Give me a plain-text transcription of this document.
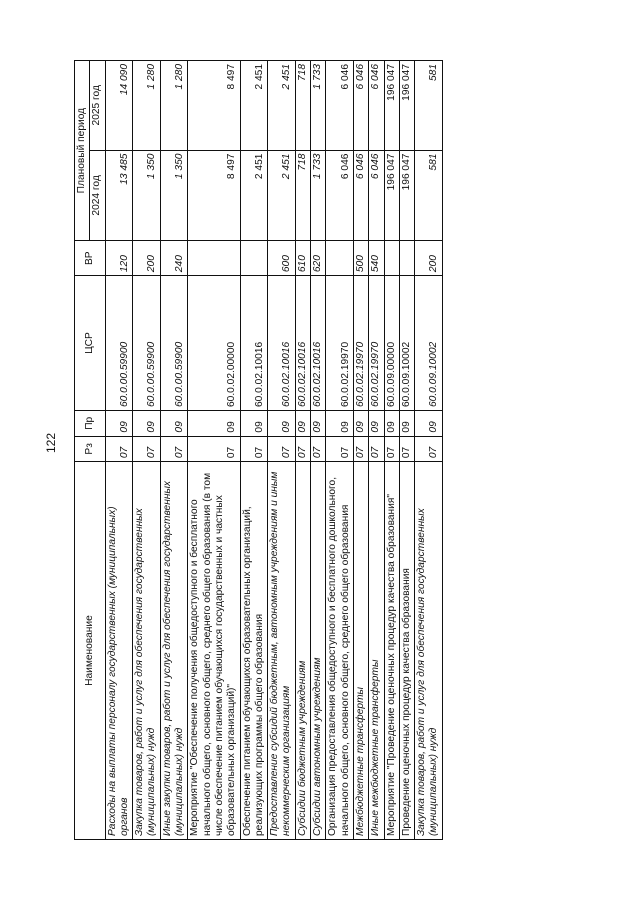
122
Наименование	Рз	Пр	ЦСР	ВР	Плановый период	
					2024 год	2025 год
Расходы на выплаты персоналу государственных (муниципальных) органов	07	09	60.0.00.59900	120	13 485	14 090
Закупка товаров, работ и услуг для обеспечения государственных (муниципальных) нужд	07	09	60.0.00.59900	200	1 350	1 280
Иные закупки товаров, работ и услуг для обеспечения государственных (муниципальных) нужд	07	09	60.0.00.59900	240	1 350	1 280
Мероприятие "Обеспечение получения общедоступного и бесплатного начального общего, основного общего, среднего общего образования (в том числе обеспечение питанием обучающихся государственных и частных образовательных организаций)"	07	09	60.0.02.00000		8 497	8 497
Обеспечение питанием обучающихся образовательных организаций, реализующих программы общего образования	07	09	60.0.02.10016		2 451	2 451
Предоставление субсидий бюджетным, автономным учреждениям и иным некоммерческим организациям	07	09	60.0.02.10016	600	2 451	2 451
Субсидии бюджетным учреждениям	07	09	60.0.02.10016	610	718	718
Субсидии автономным учреждениям	07	09	60.0.02.10016	620	1 733	1 733
Организация предоставления общедоступного и бесплатного дошкольного, начального общего, основного общего, среднего общего образования	07	09	60.0.02.19970		6 046	6 046
Межбюджетные трансферты	07	09	60.0.02.19970	500	6 046	6 046
Иные межбюджетные трансферты	07	09	60.0.02.19970	540	6 046	6 046
Мероприятие "Проведение оценочных процедур качества образования"	07	09	60.0.09.00000		196 047	196 047
Проведение оценочных процедур качества образования	07	09	60.0.09.10002		196 047	196 047
Закупка товаров, работ и услуг для обеспечения государственных (муниципальных) нужд	07	09	60.0.09.10002	200	581	581
